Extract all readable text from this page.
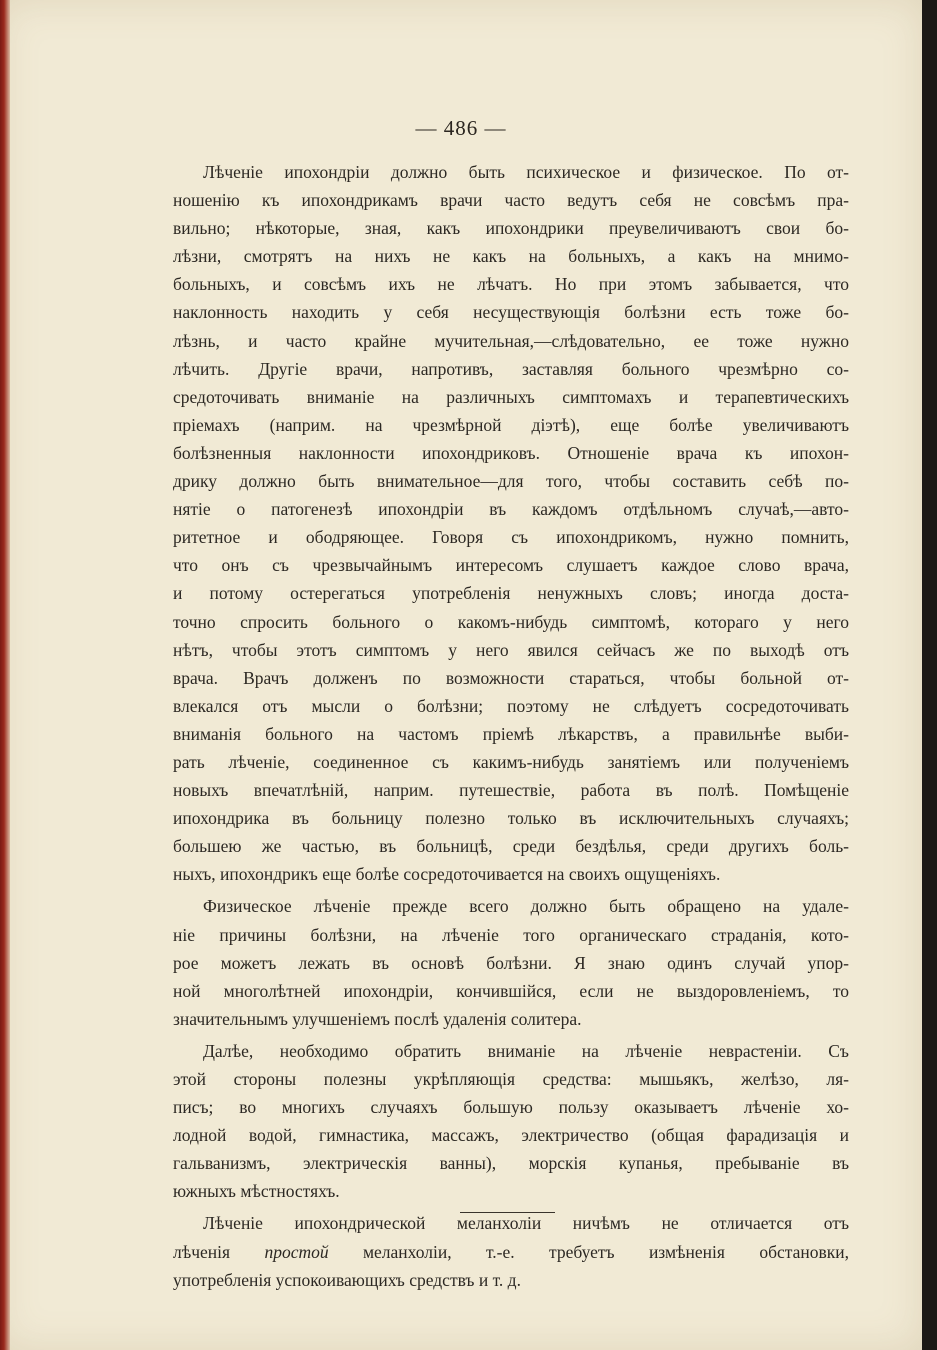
— 486 —
Лѣченіе ипохондріи должно быть психическое и физическое. По от-
ношенію къ ипохондрикамъ врачи часто ведутъ себя не совсѣмъ пра-
вильно; нѣкоторые, зная, какъ ипохондрики преувеличиваютъ свои бо-
лѣзни, смотрятъ на нихъ не какъ на больныхъ, а какъ на мнимо-
больныхъ, и совсѣмъ ихъ не лѣчатъ. Но при этомъ забывается, что
наклонность находить у себя несуществующія болѣзни есть тоже бо-
лѣзнь, и часто крайне мучительная,—слѣдовательно, ее тоже нужно
лѣчить. Другіе врачи, напротивъ, заставляя больного чрезмѣрно со-
средоточивать вниманіе на различныхъ симптомахъ и терапевтическихъ
пріемахъ (наприм. на чрезмѣрной діэтѣ), еще болѣе увеличиваютъ
болѣзненныя наклонности ипохондриковъ. Отношеніе врача къ ипохон-
дрику должно быть внимательное—для того, чтобы составить себѣ по-
нятіе о патогенезѣ ипохондріи въ каждомъ отдѣльномъ случаѣ,—авто-
ритетное и ободряющее. Говоря съ ипохондрикомъ, нужно помнить,
что онъ съ чрезвычайнымъ интересомъ слушаетъ каждое слово врача,
и потому остерегаться употребленія ненужныхъ словъ; иногда доста-
точно спросить больного о какомъ-нибудь симптомѣ, котораго у него
нѣтъ, чтобы этотъ симптомъ у него явился сейчасъ же по выходѣ отъ
врача. Врачъ долженъ по возможности стараться, чтобы больной от-
влекался отъ мысли о болѣзни; поэтому не слѣдуетъ сосредоточивать
вниманія больного на частомъ пріемѣ лѣкарствъ, а правильнѣе выби-
рать лѣченіе, соединенное съ какимъ-нибудь занятіемъ или полученіемъ
новыхъ впечатлѣній, наприм. путешествіе, работа въ полѣ. Помѣщеніе
ипохондрика въ больницу полезно только въ исключительныхъ случаяхъ;
большею же частью, въ больницѣ, среди бездѣлья, среди другихъ боль-
ныхъ, ипохондрикъ еще болѣе сосредоточивается на своихъ ощущеніяхъ.
Физическое лѣченіе прежде всего должно быть обращено на удале-
ніе причины болѣзни, на лѣченіе того органическаго страданія, кото-
рое можетъ лежать въ основѣ болѣзни. Я знаю одинъ случай упор-
ной многолѣтней ипохондріи, кончившійся, если не выздоровленіемъ, то
значительнымъ улучшеніемъ послѣ удаленія солитера.
Далѣе, необходимо обратить вниманіе на лѣченіе неврастеніи. Съ
этой стороны полезны укрѣпляющія средства: мышьякъ, желѣзо, ля-
писъ; во многихъ случаяхъ большую пользу оказываетъ лѣченіе хо-
лодной водой, гимнастика, массажъ, электричество (общая фарадизація и
гальванизмъ, электрическія ванны), морскія купанья, пребываніе въ
южныхъ мѣстностяхъ.
Лѣченіе ипохондрической меланхоліи ничѣмъ не отличается отъ
лѣченія простой меланхоліи, т.-е. требуетъ измѣненія обстановки,
употребленія успокоивающихъ средствъ и т. д.
